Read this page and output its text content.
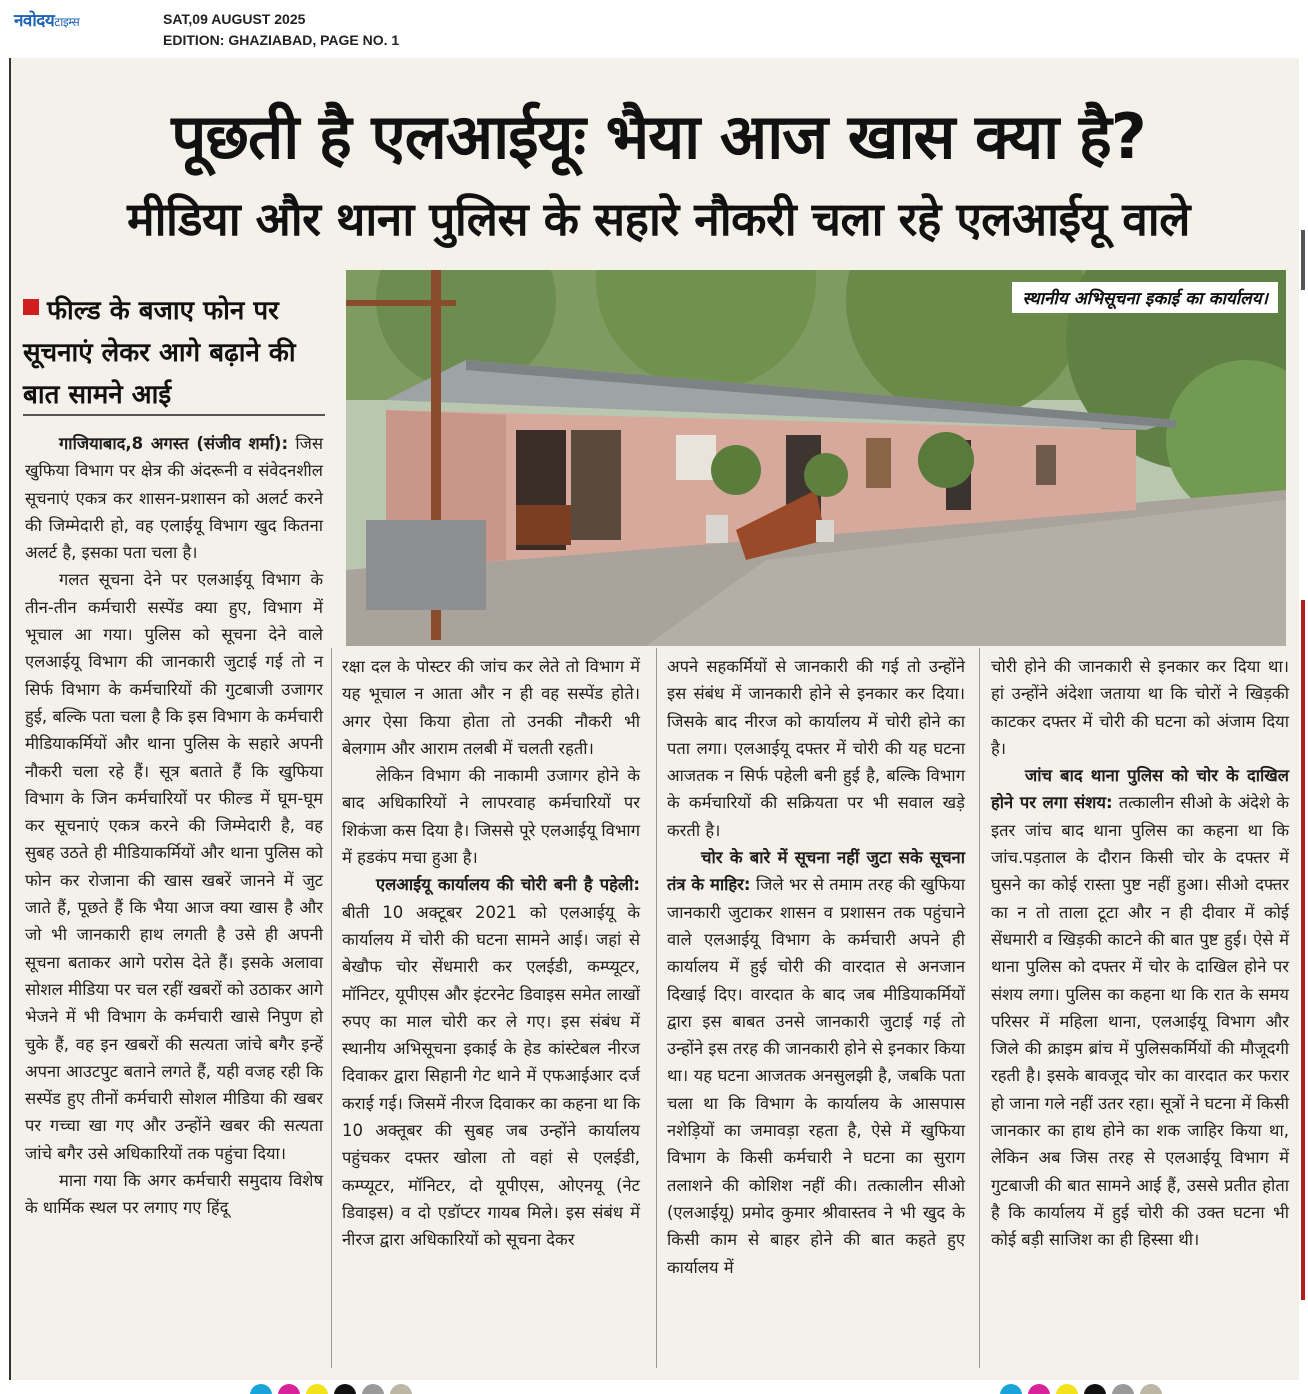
नवोदयटाइम्स	SAT,09 AUGUST 2025
EDITION: GHAZIABAD, PAGE NO. 1
पूछती है एलआईयूः भैया आज खास क्या है?
मीडिया और थाना पुलिस के सहारे नौकरी चला रहे एलआईयू वाले
फील्ड के बजाए फोन पर सूचनाएं लेकर आगे बढ़ाने की बात सामने आई
स्थानीय अभिसूचना इकाई का कार्यालय।

गाजियाबाद,8 अगस्त (संजीव शर्मा): जिस खुफिया विभाग पर क्षेत्र की अंदरूनी व संवेदनशील सूचनाएं एकत्र कर शासन-प्रशासन को अलर्ट करने की जिम्मेदारी हो, वह एलाईयू विभाग खुद कितना अलर्ट है, इसका पता चला है।

गलत सूचना देने पर एलआईयू विभाग के तीन-तीन कर्मचारी सस्पेंड क्या हुए, विभाग में भूचाल आ गया। पुलिस को सूचना देने वाले एलआईयू विभाग की जानकारी जुटाई गई तो न सिर्फ विभाग के कर्मचारियों की गुटबाजी उजागर हुई, बल्कि पता चला है कि इस विभाग के कर्मचारी मीडियाकर्मियों और थाना पुलिस के सहारे अपनी नौकरी चला रहे हैं। सूत्र बताते हैं कि खुफिया विभाग के जिन कर्मचारियों पर फील्ड में घूम-घूम कर सूचनाएं एकत्र करने की जिम्मेदारी है, वह सुबह उठते ही मीडियाकर्मियों और थाना पुलिस को फोन कर रोजाना की खास खबरें जानने में जुट जाते हैं, पूछते हैं कि भैया आज क्या खास है और जो भी जानकारी हाथ लगती है उसे ही अपनी सूचना बताकर आगे परोस देते हैं। इसके अलावा सोशल मीडिया पर चल रहीं खबरों को उठाकर आगे भेजने में भी विभाग के कर्मचारी खासे निपुण हो चुके हैं, वह इन खबरों की सत्यता जांचे बगैर इन्हें अपना आउटपुट बताने लगते हैं, यही वजह रही कि सस्पेंड हुए तीनों कर्मचारी सोशल मीडिया की खबर पर गच्चा खा गए और उन्होंने खबर की सत्यता जांचे बगैर उसे अधिकारियों तक पहुंचा दिया।

माना गया कि अगर कर्मचारी समुदाय विशेष के धार्मिक स्थल पर लगाए गए हिंदू

रक्षा दल के पोस्टर की जांच कर लेते तो विभाग में यह भूचाल न आता और न ही वह सस्पेंड होते। अगर ऐसा किया होता तो उनकी नौकरी भी बेलगाम और आराम तलबी में चलती रहती।

लेकिन विभाग की नाकामी उजागर होने के बाद अधिकारियों ने लापरवाह कर्मचारियों पर शिकंजा कस दिया है। जिससे पूरे एलआईयू विभाग में हडकंप मचा हुआ है।

एलआईयू कार्यालय की चोरी बनी है पहेली: बीती 10 अक्टूबर 2021 को एलआईयू के कार्यालय में चोरी की घटना सामने आई। जहां से बेखौफ चोर सेंधमारी कर एलईडी, कम्प्यूटर, मॉनिटर, यूपीएस और इंटरनेट डिवाइस समेत लाखों रुपए का माल चोरी कर ले गए। इस संबंध में स्थानीय अभिसूचना इकाई के हेड कांस्टेबल नीरज दिवाकर द्वारा सिहानी गेट थाने में एफआईआर दर्ज कराई गई। जिसमें नीरज दिवाकर का कहना था कि 10 अक्तूबर की सुबह जब उन्होंने कार्यालय पहुंचकर दफ्तर खोला तो वहां से एलईडी, कम्प्यूटर, मॉनिटर, दो यूपीएस, ओएनयू (नेट डिवाइस) व दो एडॉप्टर गायब मिले। इस संबंध में नीरज द्वारा अधिकारियों को सूचना देकर

अपने सहकर्मियों से जानकारी की गई तो उन्होंने इस संबंध में जानकारी होने से इनकार कर दिया। जिसके बाद नीरज को कार्यालय में चोरी होने का पता लगा। एलआईयू दफ्तर में चोरी की यह घटना आजतक न सिर्फ पहेली बनी हुई है, बल्कि विभाग के कर्मचारियों की सक्रियता पर भी सवाल खड़े करती है।

चोर के बारे में सूचना नहीं जुटा सके सूचना तंत्र के माहिर: जिले भर से तमाम तरह की खुफिया जानकारी जुटाकर शासन व प्रशासन तक पहुंचाने वाले एलआईयू विभाग के कर्मचारी अपने ही कार्यालय में हुई चोरी की वारदात से अनजान दिखाई दिए। वारदात के बाद जब मीडियाकर्मियों द्वारा इस बाबत उनसे जानकारी जुटाई गई तो उन्होंने इस तरह की जानकारी होने से इनकार किया था। यह घटना आजतक अनसुलझी है, जबकि पता चला था कि विभाग के कार्यालय के आसपास नशेड़ियों का जमावड़ा रहता है, ऐसे में खुफिया विभाग के किसी कर्मचारी ने घटना का सुराग तलाशने की कोशिश नहीं की। तत्कालीन सीओ (एलआईयू) प्रमोद कुमार श्रीवास्तव ने भी खुद के किसी काम से बाहर होने की बात कहते हुए कार्यालय में

चोरी होने की जानकारी से इनकार कर दिया था। हां उन्होंने अंदेशा जताया था कि चोरों ने खिड़की काटकर दफ्तर में चोरी की घटना को अंजाम दिया है।

जांच बाद थाना पुलिस को चोर के दाखिल होने पर लगा संशय: तत्कालीन सीओ के अंदेशे के इतर जांच बाद थाना पुलिस का कहना था कि जांच.पड़ताल के दौरान किसी चोर के दफ्तर में घुसने का कोई रास्ता पुष्ट नहीं हुआ। सीओ दफ्तर का न तो ताला टूटा और न ही दीवार में कोई सेंधमारी व खिड़की काटने की बात पुष्ट हुई। ऐसे में थाना पुलिस को दफ्तर में चोर के दाखिल होने पर संशय लगा। पुलिस का कहना था कि रात के समय परिसर में महिला थाना, एलआईयू विभाग और जिले की क्राइम ब्रांच में पुलिसकर्मियों की मौजूदगी रहती है। इसके बावजूद चोर का वारदात कर फरार हो जाना गले नहीं उतर रहा। सूत्रों ने घटना में किसी जानकार का हाथ होने का शक जाहिर किया था, लेकिन अब जिस तरह से एलआईयू विभाग में गुटबाजी की बात सामने आई हैं, उससे प्रतीत होता है कि कार्यालय में हुई चोरी की उक्त घटना भी कोई बड़ी साजिश का ही हिस्सा थी।
